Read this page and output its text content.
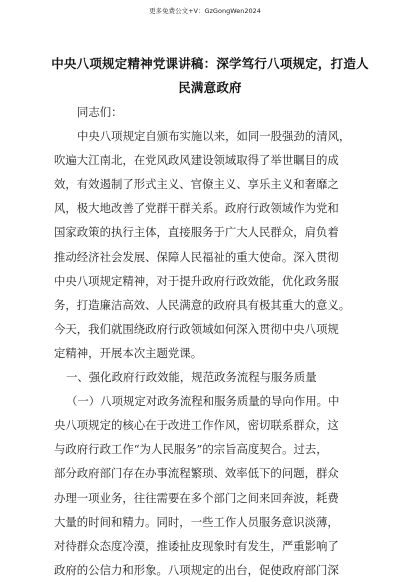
更多免费公文+V：GzGongWen2024
中央八项规定精神党课讲稿：深学笃行八项规定，打造人
民满意政府
同志们：
中央八项规定自颁布实施以来，如同一股强劲的清风，
吹遍大江南北，在党风政风建设领域取得了举世瞩目的成
效，有效遏制了形式主义、官僚主义、享乐主义和奢靡之
风，极大地改善了党群干群关系。政府行政领域作为党和
国家政策的执行主体，直接服务于广大人民群众，肩负着
推动经济社会发展、保障人民福祉的重大使命。深入贯彻
中央八项规定精神，对于提升政府行政效能，优化政务服
务，打造廉洁高效、人民满意的政府具有极其重大的意义。
今天，我们就围绕政府行政领域如何深入贯彻中央八项规
定精神，开展本次主题党课。
一、强化政府行政效能，规范政务流程与服务质量
（一）八项规定对政务流程和服务质量的导向作用。中
央八项规定的核心在于改进工作作风，密切联系群众，这
与政府行政工作“为人民服务”的宗旨高度契合。过去，
部分政府部门存在办事流程繁琐、效率低下的问题，群众
办理一项业务，往往需要在多个部门之间来回奔波，耗费
大量的时间和精力。同时，一些工作人员服务意识淡薄，
对待群众态度冷漠，推诿扯皮现象时有发生，严重影响了
政府的公信力和形象。八项规定的出台，促使政府部门深
